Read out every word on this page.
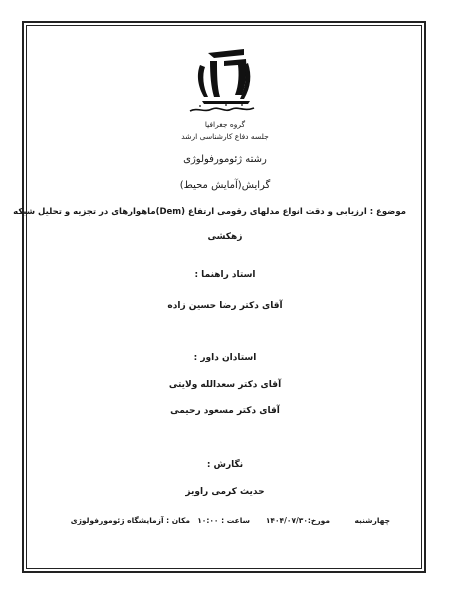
گروه جغرافیا
جلسه دفاع کارشناسی ارشد
رشته ژئومورفولوژی
گرایش(آمایش محیط)
موضوع : ارزیابی و دقت انواع مدلهای رقومی ارتفاع (Dem)ماهوارهای در تجزیه و تحلیل شبکه
زهکشی
استاد راهنما :
آقای دکتر رضا حسین زاده
استادان داور :
آقای دکتر سعدالله ولایتی
آقای دکتر مسعود رحیمی
نگارش :
حدیث کرمی راویز
چهارشنبه
مورخ:۱۴۰۴/۰۷/۳۰
ساعت : ۱۰:۰۰
مکان : آزمایشگاه ژئومورفولوژی
